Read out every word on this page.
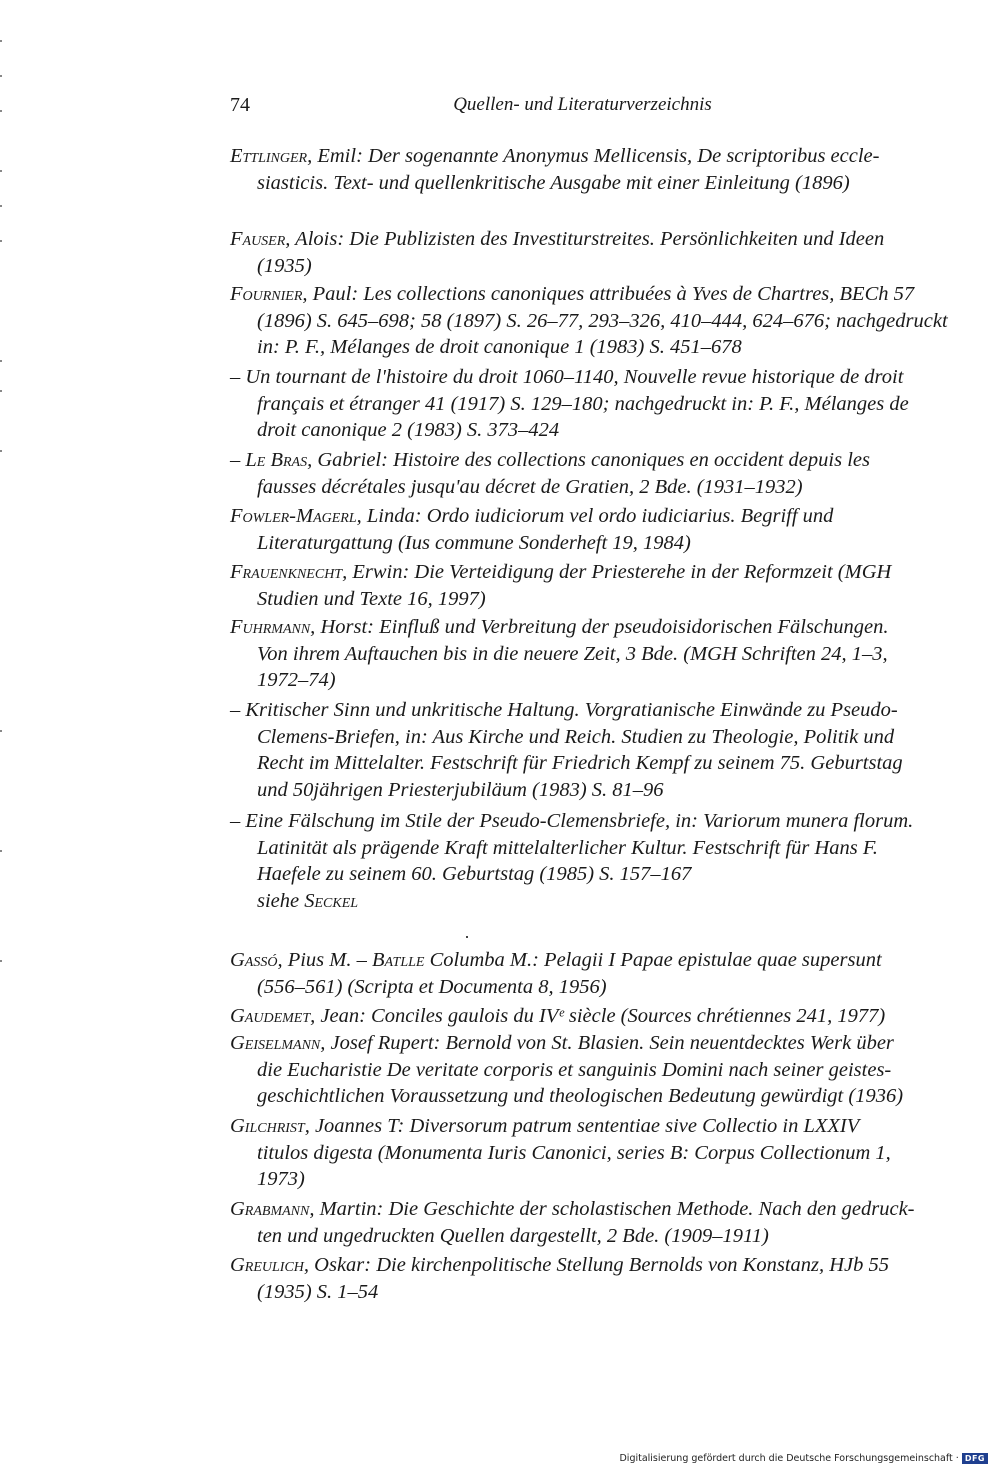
74	Quellen- und Literaturverzeichnis
Ettlinger, Emil: Der sogenannte Anonymus Mellicensis, De scriptoribus eccle-
siasticis. Text- und quellenkritische Ausgabe mit einer Einleitung (1896)
Fauser, Alois: Die Publizisten des Investiturstreites. Persönlichkeiten und Ideen
(1935)
Fournier, Paul: Les collections canoniques attribuées à Yves de Chartres, BECh 57
(1896) S. 645–698; 58 (1897) S. 26–77, 293–326, 410–444, 624–676; nachgedruckt
in: P. F., Mélanges de droit canonique 1 (1983) S. 451–678
– Un tournant de l'histoire du droit 1060–1140, Nouvelle revue historique de droit
français et étranger 41 (1917) S. 129–180; nachgedruckt in: P. F., Mélanges de
droit canonique 2 (1983) S. 373–424
– Le Bras, Gabriel: Histoire des collections canoniques en occident depuis les
fausses décrétales jusqu'au décret de Gratien, 2 Bde. (1931–1932)
Fowler-Magerl, Linda: Ordo iudiciorum vel ordo iudiciarius. Begriff und
Literaturgattung (Ius commune Sonderheft 19, 1984)
Frauenknecht, Erwin: Die Verteidigung der Priesterehe in der Reformzeit (MGH
Studien und Texte 16, 1997)
Fuhrmann, Horst: Einfluß und Verbreitung der pseudoisidorischen Fälschungen.
Von ihrem Auftauchen bis in die neuere Zeit, 3 Bde. (MGH Schriften 24, 1–3,
1972–74)
– Kritischer Sinn und unkritische Haltung. Vorgratianische Einwände zu Pseudo-
Clemens-Briefen, in: Aus Kirche und Reich. Studien zu Theologie, Politik und
Recht im Mittelalter. Festschrift für Friedrich Kempf zu seinem 75. Geburtstag
und 50jährigen Priesterjubiläum (1983) S. 81–96
– Eine Fälschung im Stile der Pseudo-Clemensbriefe, in: Variorum munera florum.
Latinität als prägende Kraft mittelalterlicher Kultur. Festschrift für Hans F.
Haefele zu seinem 60. Geburtstag (1985) S. 157–167
siehe Seckel
Gassó, Pius M. – Batlle Columba M.: Pelagii I Papae epistulae quae supersunt
(556–561) (Scripta et Documenta 8, 1956)
Gaudemet, Jean: Conciles gaulois du IVᵉ siècle (Sources chrétiennes 241, 1977)
Geiselmann, Josef Rupert: Bernold von St. Blasien. Sein neuentdecktes Werk über
die Eucharistie De veritate corporis et sanguinis Domini nach seiner geistes-
geschichtlichen Voraussetzung und theologischen Bedeutung gewürdigt (1936)
Gilchrist, Joannes T: Diversorum patrum sententiae sive Collectio in LXXIV
titulos digesta (Monumenta Iuris Canonici, series B: Corpus Collectionum 1,
1973)
Grabmann, Martin: Die Geschichte der scholastischen Methode. Nach den gedruck-
ten und ungedruckten Quellen dargestellt, 2 Bde. (1909–1911)
Greulich, Oskar: Die kirchenpolitische Stellung Bernolds von Konstanz, HJb 55
(1935) S. 1–54
Digitalisierung gefördert durch die Deutsche Forschungsgemeinschaft · DFG
